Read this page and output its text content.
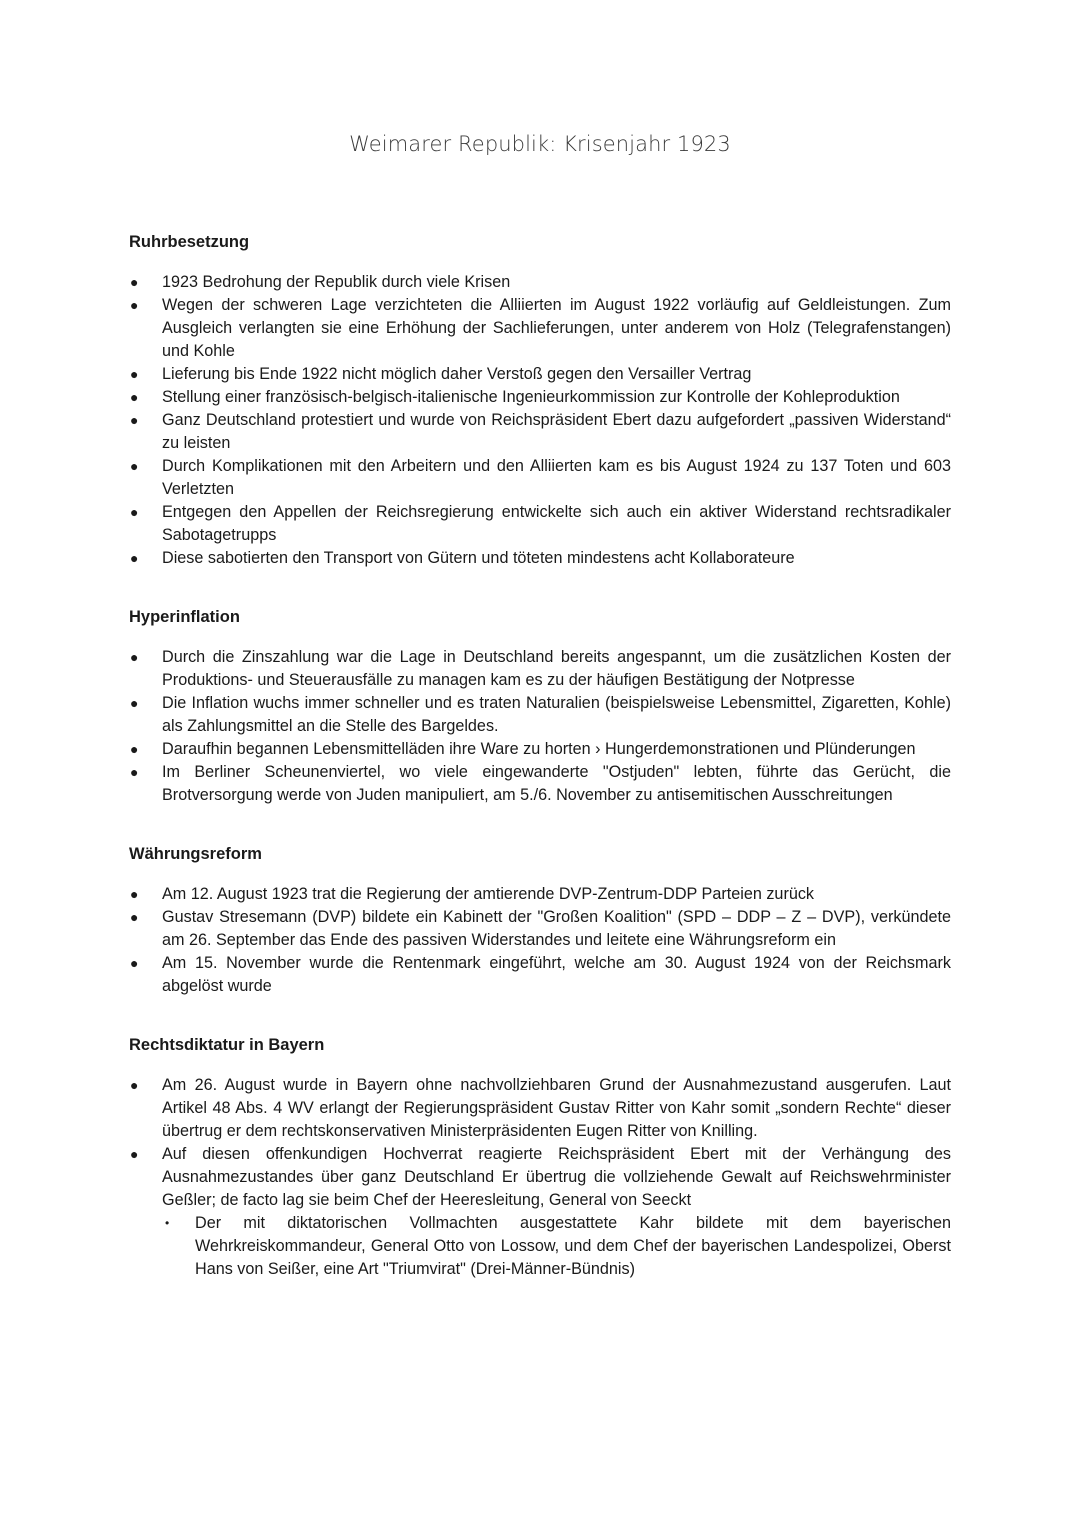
Weimarer Republik: Krisenjahr 1923
Ruhrbesetzung
● 1923 Bedrohung der Republik durch viele Krisen
● Wegen der schweren Lage verzichteten die Alliierten im August 1922 vorläufig auf Geldleistungen. Zum Ausgleich verlangten sie eine Erhöhung der Sachlieferungen, unter anderem von Holz (Telegrafenstangen) und Kohle
● Lieferung bis Ende 1922 nicht möglich daher Verstoß gegen den Versailler Vertrag
● Stellung einer französisch-belgisch-italienische Ingenieurkommission zur Kontrolle der Kohleproduktion
● Ganz Deutschland protestiert und wurde von Reichspräsident Ebert dazu aufgefordert „passiven Widerstand“ zu leisten
● Durch Komplikationen mit den Arbeitern und den Alliierten kam es bis August 1924 zu 137 Toten und 603 Verletzten
● Entgegen den Appellen der Reichsregierung entwickelte sich auch ein aktiver Widerstand rechtsradikaler Sabotagetrupps
● Diese sabotierten den Transport von Gütern und töteten mindestens acht Kollaborateure
Hyperinflation
● Durch die Zinszahlung war die Lage in Deutschland bereits angespannt, um die zusätzlichen Kosten der Produktions- und Steuerausfälle zu managen kam es zu der häufigen Bestätigung der Notpresse
● Die Inflation wuchs immer schneller und es traten Naturalien (beispielsweise Lebensmittel, Zigaretten, Kohle) als Zahlungsmittel an die Stelle des Bargeldes.
● Daraufhin begannen Lebensmittelläden ihre Ware zu horten › Hungerdemonstrationen und Plünderungen
● Im Berliner Scheunenviertel, wo viele eingewanderte "Ostjuden" lebten, führte das Gerücht, die Brotversorgung werde von Juden manipuliert, am 5./6. November zu antisemitischen Ausschreitungen
Währungsreform
● Am 12. August 1923 trat die Regierung der amtierende DVP-Zentrum-DDP Parteien zurück
● Gustav Stresemann (DVP) bildete ein Kabinett der "Großen Koalition" (SPD – DDP – Z – DVP), verkündete am 26. September das Ende des passiven Widerstandes und leitete eine Währungsreform ein
● Am 15. November wurde die Rentenmark eingeführt, welche am 30. August 1924 von der Reichsmark abgelöst wurde
Rechtsdiktatur in Bayern
● Am 26. August wurde in Bayern ohne nachvollziehbaren Grund der Ausnahmezustand ausgerufen. Laut Artikel 48 Abs. 4 WV erlangt der Regierungspräsident Gustav Ritter von Kahr somit „sondern Rechte“ dieser übertrug er dem rechtskonservativen Ministerpräsidenten Eugen Ritter von Knilling.
● Auf diesen offenkundigen Hochverrat reagierte Reichspräsident Ebert mit der Verhängung des Ausnahmezustandes über ganz Deutschland Er übertrug die vollziehende Gewalt auf Reichswehrminister Geßler; de facto lag sie beim Chef der Heeresleitung, General von Seeckt
• Der mit diktatorischen Vollmachten ausgestattete Kahr bildete mit dem bayerischen Wehrkreiskommandeur, General Otto von Lossow, und dem Chef der bayerischen Landespolizei, Oberst Hans von Seißer, eine Art "Triumvirat" (Drei-Männer-Bündnis)
